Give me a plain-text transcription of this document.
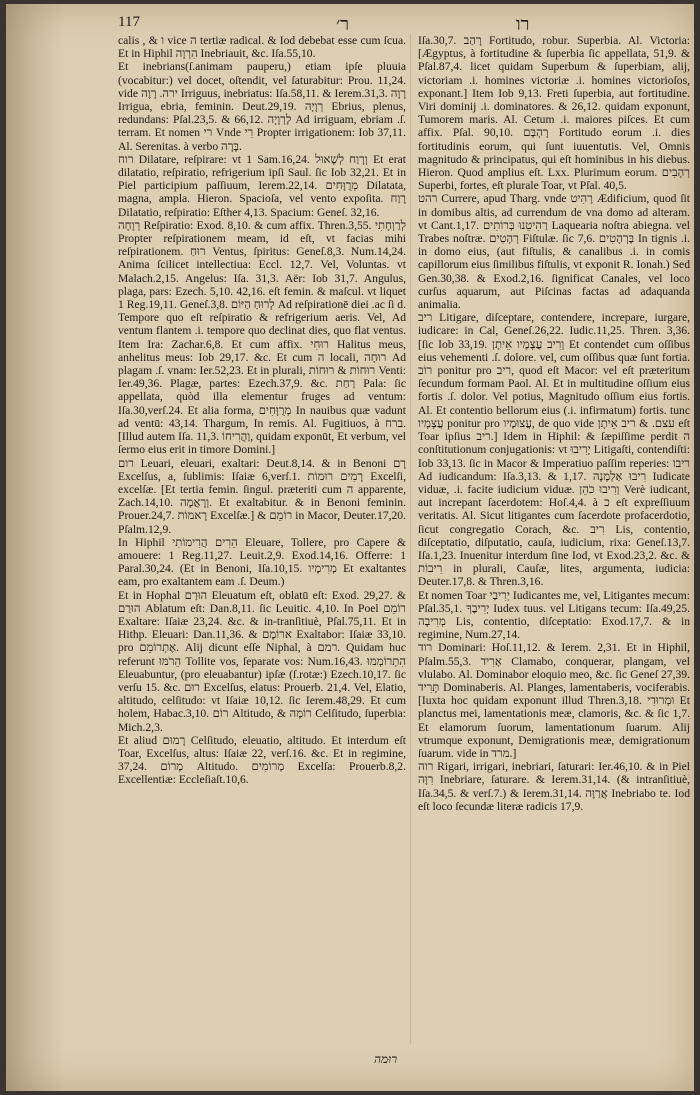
117	ר׳	רו

calis , & ו vice ה tertiæ radical. & Iod debebat esse cum ſcua. Et in Hiphil הִרְוָה Inebriauit, &c. Iſa.55,10.

Et inebrians(ſ.animam pauperu,) etiam ipſe pluuia (vocabitur:) vel docet, oſtendit, vel ſaturabitur: Prou. 11,24. vide ירה. רָוֶה Irriguus, inebriatus: Iſa.58,11. & Ierem.31,3. רָוָה Irrigua, ebria, feminin. Deut.29,19. רְוָיָה Ebrius, plenus, redundans: Pſal.23,5. & 66,12. לָרְוָיָה Ad irriguam, ebriam .ſ. terram. Et nomen רי Vnde רִי Propter irrigationem: Iob 37,11. Al. Serenitas. à verbo בָּרָה.

רוח Dilatare, reſpirare: vt 1 Sam.16,24. וְרָוַח לְשָׁאוּל Et erat dilatatio, reſpiratio, refrigerium ipſi Saul. ſic Iob 32,21. Et in Piel participium paſſiuum, Ierem.22,14. מְרֻוָּחִים Dilatata, magna, ampla. Hieron. Spacioſa, vel vento expoſita. רֶוַח Dilatatio, reſpiratio: Eſther 4,13. Spacium: Geneſ. 32,16.

רְוָחָה Reſpiratio: Exod. 8,10. & cum affix. Thren.3,55. לְרַוְחָתִי Propter reſpirationem meam, id eſt, vt facias mihi reſpirationem. רוּחַ Ventus, ſpiritus: Geneſ.8,3. Num.14,24. Anima ſcilicet intellectiua: Eccl. 12,7. Vel, Voluntas. vt Malach.2,15. Angelus: Iſa. 31,3. Aër: Iob 31,7. Angulus, plaga, pars: Ezech. 5,10. 42,16. eſt femin. & maſcul. vt liquet 1 Reg.19,11. Geneſ.3,8. לְרוּחַ הַיּוֹם Ad reſpirationē diei .ac ſi d. Tempore quo eſt reſpiratio & refrigerium aeris. Vel, Ad ventum flantem .i. tempore quo declinat dies, quo flat ventus. Item Ira: Zachar.6,8. Et cum affix. רוּחִי Halitus meus, anhelitus meus: Iob 29,17. &c. Et cum ה locali, רוּחָה Ad plagam .ſ. vnam: Ier.52,23. Et in plurali, רוּחוֹת & רוּחוֹת Venti: Ier.49,36. Plagæ, partes: Ezech.37,9. &c. רַחַת Pala: ſic appellata, quòd illa elementur fruges ad ventum: Iſa.30,verſ.24. Et alia forma, מְרֻוָּחִים In nauibus quæ vadunt ad ventū: 43,14. Thargum, In remis. Al. Fugitiuos, à ברח. [Illud autem Iſa. 11,3. וַהֲרִיחוֹ, quidam exponūt, Et verbum, vel ſermo eius erit in timore Domini.]

רום Leuari, eleuari, exaltari: Deut.8,14. & in Benoni רָם Excelſus, a, ſublimis: Iſaiæ 6,verſ.1. רָמִים רוּמוֹת Excelſi, excelſæ. [Et tertia femin. ſingul. præteriti cum ה apparente, Zach.14,10. וְרָאֲמָה. Et exaltabitur. & in Benoni feminin. Prouer.24,7. רָאמוֹת Excelſæ.] & רוֹמֵם in Macor, Deuter.17,20. Pſalm.12,9.

In Hiphil הֵרִים הֲרִימוֹתִי Eleuare, Tollere, pro Capere & amouere: 1 Reg.11,27. Leuit.2,9. Exod.14,16. Offerre: 1 Paral.30,24. (Et in Benoni, Iſa.10,15. מְרִימָיו Et exaltantes eam, pro exaltantem eam .ſ. Deum.)

Et in Hophal הוּרַם Eleuatum eſt, oblatū eſt: Exod. 29,27. & הוּרַם Ablatum eſt: Dan.8,11. ſic Leuitic. 4,10. In Poel רוֹמֵם Exaltare: Iſaiæ 23,24. &c. & in-tranſitiuè, Pſal.75,11. Et in Hithp. Eleuari: Dan.11,36. & ארוֹמָם Exaltabor: Iſaiæ 33,10. pro אֶתְרוֹמֵם. Alij dicunt eſſe Niphal, à רמם. Quidam huc referunt הֵרֹמּוּ Tollite vos, ſeparate vos: Num.16,43. הִתְרוֹמְמוּ Eleuabuntur, (pro eleuabantur) ipſæ (ſ.rotæ:) Ezech.10,17. ſic verſu 15. &c. רוּם Excelſus, elatus: Prouerb. 21,4. Vel, Elatio, altitudo, celſitudo: vt Iſaiæ 10,12. ſic Ierem.48,29. Et cum holem, Habac.3,10. רוֹם Altitudo, & רוֹמָה Celſitudo, ſuperbia: Mich.2,3.

Et aliud רָמוּם Celſitudo, eleuatio, altitudo. Et interdum eſt Toar, Excelſus, altus: Iſaiæ 22, verſ.16. &c. Et in regimine, 37,24. מָרוֹם Altitudo. מְרוֹמִים Excelſa: Prouerb.8,2. Excellentiæ: Eccleſiaſt.10,6.

Iſa.30,7. רָהַב Fortitudo, robur. Superbia. Al. Victoria: [Ægyptus, à fortitudine & ſuperbia ſic appellata, 51,9. & Pſal.87,4. licet quidam Superbum & ſuperbiam, alij, victoriam .i. homines victoriæ .i. homines victorioſos, exponant.] Item Iob 9,13. Freti ſuperbia, aut fortitudine. Viri dominij .i. dominatores. & 26,12. quidam exponunt, Tumorem maris. Al. Cetum .i. maiores piſces. Et cum affix. Pſal. 90,10. רָהְבָּם Fortitudo eorum .i. dies fortitudinis eorum, qui ſunt iuuentutis. Vel, Omnis magnitudo & principatus, qui eſt hominibus in his diebus. Hieron. Quod amplius eſt. Lxx. Plurimum eorum. רְהָבִים Superbi, fortes, eſt plurale Toar, vt Pſal. 40,5.

רהט Currere, apud Tharg. vnde רָהִיט Ædificium, quod ſit in domibus altis, ad currendum de vna domo ad alteram. vt Cant.1,17. רַהִיטֵנוּ בְּרוֹתִים Laquearia noſtra abiegna. vel Trabes noſtræ. רְהָטִים Fiſtulæ. ſic 7,6. בָּרְהָטִים In tignis .i. in domo eius, (aut fiſtulis, & canalibus .i. in comis capillorum eius ſimilibus fiſtulis, vt exponit R. Ionah.) Sed Gen.30,38. & Exod.2,16. ſignificat Canales, vel loco curſus aquarum, aut Piſcinas factas ad adaquanda animalia.

ריב Litigare, diſceptare, contendere, increpare, iurgare, iudicare: in Cal, Geneſ.26,22. Iudic.11,25. Thren. 3,36. [ſic Iob 33,19. וְרִיב עֲצָמָיו אֵיתָן Et contendet cum oſſibus eius vehementi .ſ. dolore. vel, cum oſſibus quæ ſunt fortia. רוֹב ponitur pro ריב, quod eſt Macor: vel eſt præteritum ſecundum formam Paol. Al. Et in multitudine oſſium eius fortis .ſ. dolor. Vel potius, Magnitudo oſſium eius fortis. Al. Et contentio bellorum eius (.i. infirmatum) fortis. tunc עֲצָמָיו ponitur pro עֲצוּמָיו, de quo vide עצם. & ריב אֵיתָן eſt Toar ipſius ריב.] Idem in Hiphil: & ſæpiſſime perdit ה conſtitutionum conjugationis: vt יָרִיבוּ Litigaſti, contendiſti: Iob 33,13. ſic in Macor & Imperatiuo paſſim reperies: ריבו Ad iudicandum: Iſa.3,13. & 1,17. רִיבוּ אַלְמָנָה Iudicate viduæ, .i. facite iudicium viduæ. וְרִיבוּ כֹהֵן Verè iudicant, aut increpant ſacerdotem: Hoſ.4,4. à כ eſt expreſſiuum veritatis. Al. Sicut litigantes cum ſacerdote profacerdotio, ſicut congregatio Corach, &c. רִיב Lis, contentio, diſceptatio, diſputatio, cauſa, iudicium, rixa: Geneſ.13,7. Iſa.1,23. Inuenitur interdum ſine Iod, vt Exod.23,2. &c. & רִיבוֹת in plurali, Cauſæ, lites, argumenta, iudicia: Deuter.17,8. & Thren.3,16.

Et nomen Toar יְרִיבַי Iudicantes me, vel, Litigantes mecum: Pſal.35,1. יְרִיבֶךָ Iudex tuus. vel Litigans tecum: Iſa.49,25. מְרִיבָה Lis, contentio, diſceptatio: Exod.17,7. & in regimine, Num.27,14.

רוד Dominari: Hoſ.11,12. & Ierem. 2,31. Et in Hiphil, Pſalm.55,3. אָרִיד Clamabo, conquerar, plangam, vel vlulabo. Al. Dominabor eloquio meo, &c. ſic Geneſ 27,39. תָּרִיד Dominaberis. Al. Planges, lamentaberis, vociferabis. [Iuxta hoc quidam exponunt illud Thren.3,18. וּמְרוּדִי Et planctus mei, lamentationis meæ, clamoris, &c. & ſic 1,7. Et elamorum ſuorum, lamentationum ſuarum. Alij vtrumque exponunt, Demigrationis meæ, demigrationum ſuarum. vide in מרד.]

רוה Rigari, irrigari, inebriari, ſaturari: Ier.46,10. & in Piel רִוָּה Inebriare, ſaturare. & Ierem.31,14. (& intranſitiuè, Iſa.34,5. & verſ.7.) & Ierem.31,14. אֲרַוֶּה Inebriabo te. Iod eſt loco ſecundæ literæ radicis 17,9.

רוּמה
